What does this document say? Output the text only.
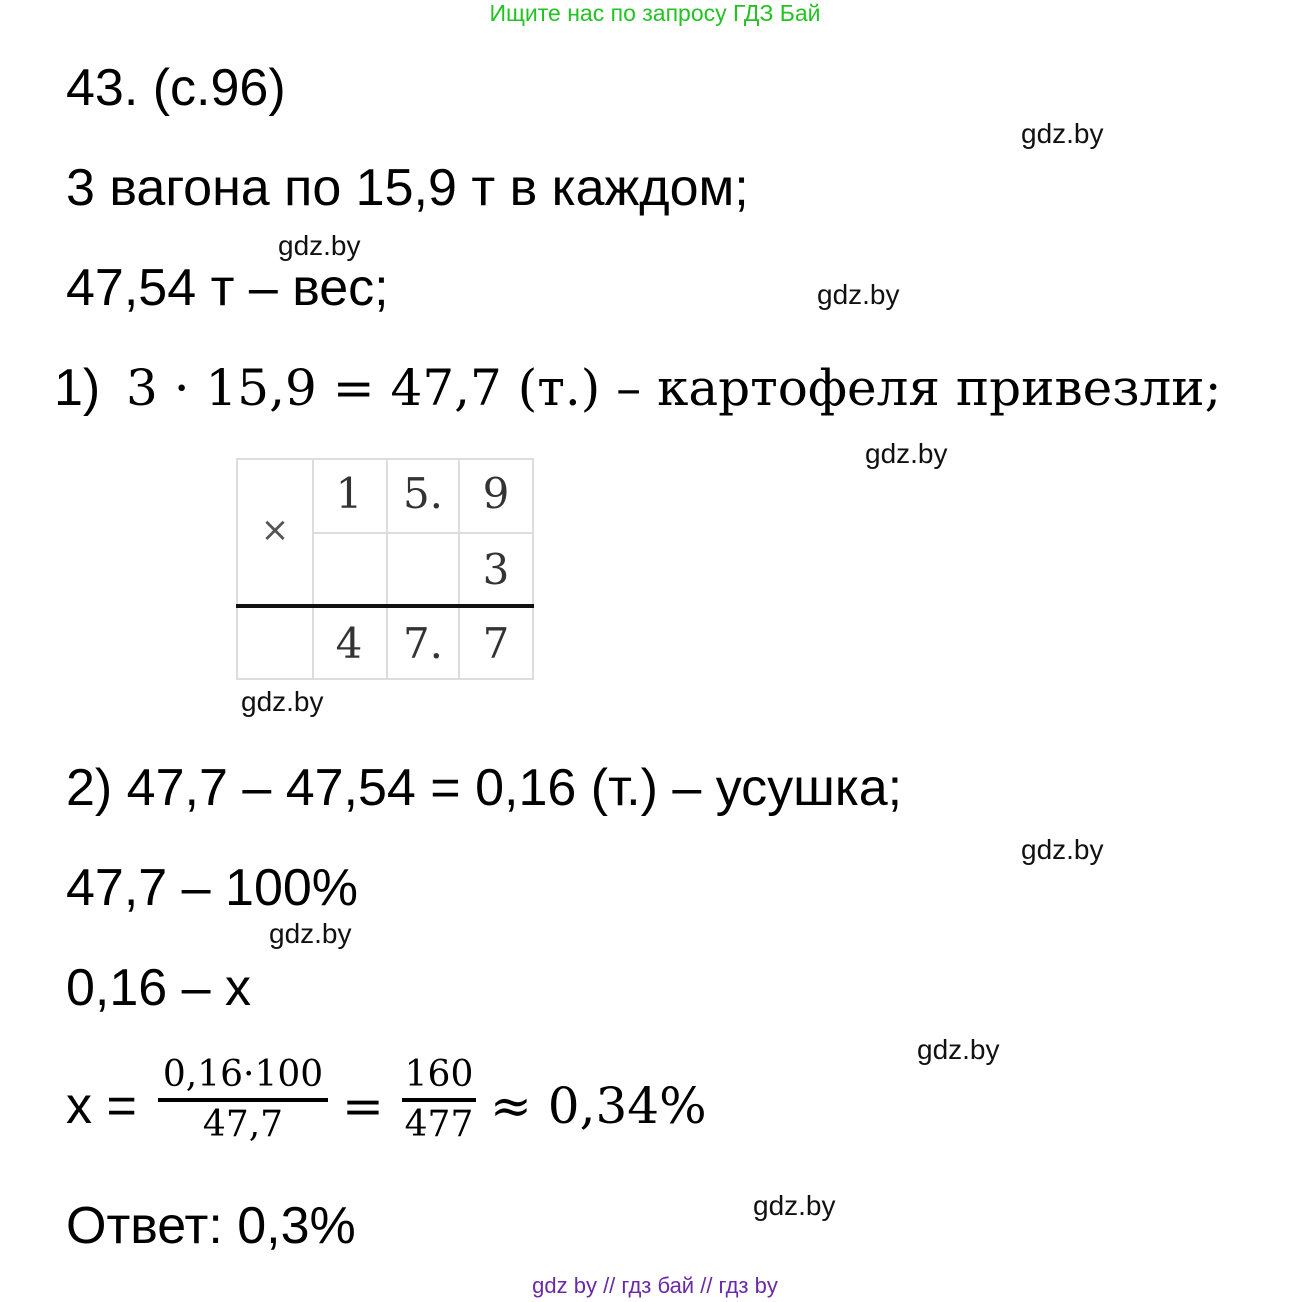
Ищите нас по запросу ГДЗ Бай
43. (с.96)
gdz.by
3 вагона по 15,9 т в каждом;
gdz.by
47,54 т – вес;	gdz.by
1) 3 · 15,9 = 47,7 (т.) – картофеля привезли;
gdz.by
×
1 5. 9
3
4 7. 7
gdz.by
2) 47,7 – 47,54 = 0,16 (т.) – усушка;
gdz.by
47,7 – 100%
gdz.by
0,16 – x
gdz.by
x =
0,16·100
47,7	=
160
477 ≈ 0,34%
gdz.by
Ответ: 0,3%
gdz by // гдз бай // гдз by
